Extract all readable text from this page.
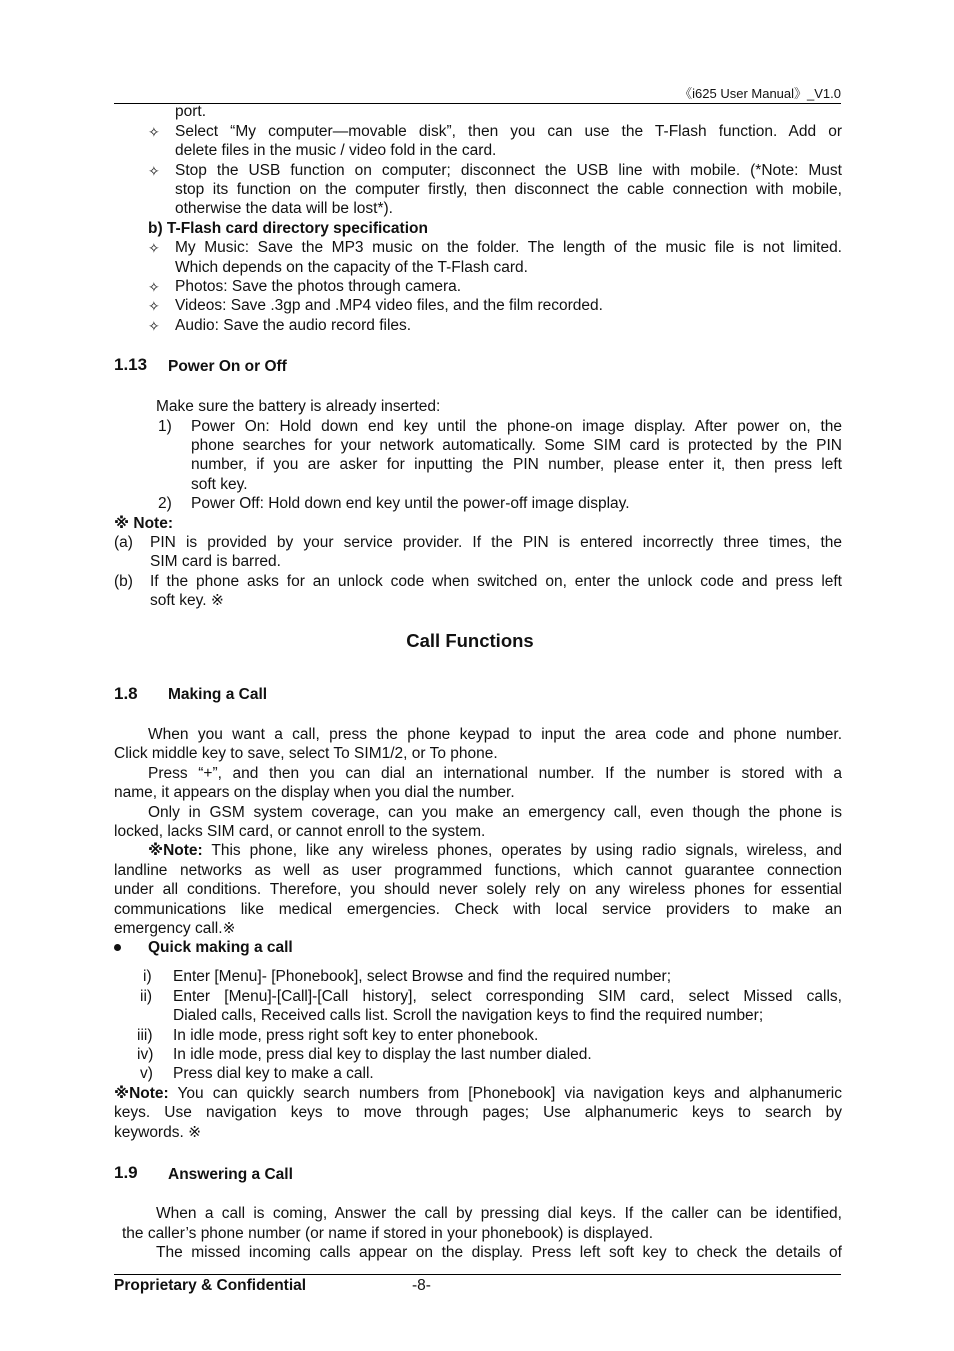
《i625 User Manual》_V1.0
port.
✧ Select “My computer—movable disk”, then you can use the T-Flash function. Add or
delete files in the music / video fold in the card.
✧ Stop the USB function on computer; disconnect the USB line with mobile. (*Note: Must
stop its function on the computer firstly, then disconnect the cable connection with mobile,
otherwise the data will be lost*).
b) T-Flash card directory specification
✧ My Music: Save the MP3 music on the folder. The length of the music file is not limited.
Which depends on the capacity of the T-Flash card.
✧ Photos: Save the photos through camera.
✧ Videos: Save .3gp and .MP4 video files, and the film recorded.
✧ Audio: Save the audio record files.
1.13 Power On or Off
Make sure the battery is already inserted:
1) Power On: Hold down end key until the phone-on image display. After power on, the
phone searches for your network automatically. Some SIM card is protected by the PIN
number, if you are asker for inputting the PIN number, please enter it, then press left
soft key.
2) Power Off: Hold down end key until the power-off image display.
※ Note:
(a) PIN is provided by your service provider. If the PIN is entered incorrectly three times, the
SIM card is barred.
(b) If the phone asks for an unlock code when switched on, enter the unlock code and press left
soft key. ※
Call Functions
1.8 Making a Call
When you want a call, press the phone keypad to input the area code and phone number.
Click middle key to save, select To SIM1/2, or To phone.
Press “+”, and then you can dial an international number. If the number is stored with a
name, it appears on the display when you dial the number.
Only in GSM system coverage, can you make an emergency call, even though the phone is
locked, lacks SIM card, or cannot enroll to the system.
※Note: This phone, like any wireless phones, operates by using radio signals, wireless, and
landline networks as well as user programmed functions, which cannot guarantee connection
under all conditions. Therefore, you should never solely rely on any wireless phones for essential
communications like medical emergencies. Check with local service providers to make an
emergency call.※
Quick making a call
i) Enter [Menu]- [Phonebook], select Browse and find the required number;
ii) Enter [Menu]-[Call]-[Call history], select corresponding SIM card, select Missed calls,
Dialed calls, Received calls list. Scroll the navigation keys to find the required number;
iii) In idle mode, press right soft key to enter phonebook.
iv) In idle mode, press dial key to display the last number dialed.
v) Press dial key to make a call.
※Note: You can quickly search numbers from [Phonebook] via navigation keys and alphanumeric
keys. Use navigation keys to move through pages; Use alphanumeric keys to search by
keywords. ※
1.9 Answering a Call
When a call is coming, Answer the call by pressing dial keys. If the caller can be identified,
the caller’s phone number (or name if stored in your phonebook) is displayed.
The missed incoming calls appear on the display. Press left soft key to check the details of
Proprietary & Confidential	-8-
